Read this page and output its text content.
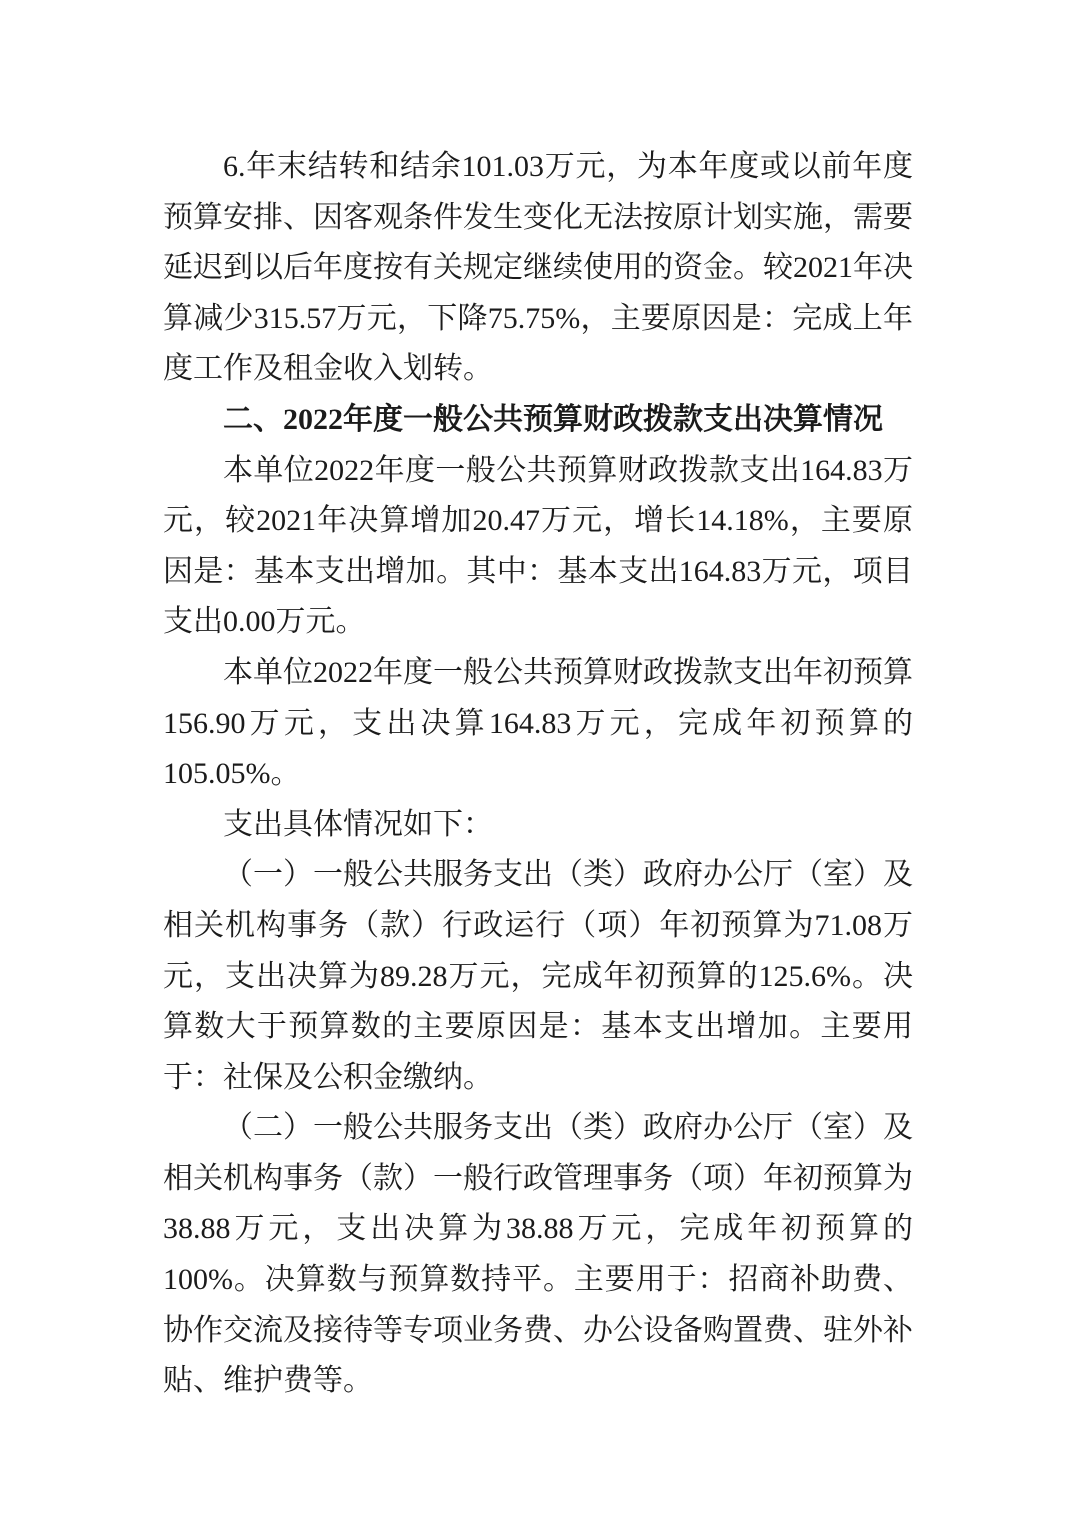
6.年末结转和结余101.03万元，为本年度或以前年度预算安排、因客观条件发生变化无法按原计划实施，需要延迟到以后年度按有关规定继续使用的资金。较2021年决算减少315.57万元，下降75.75%，主要原因是：完成上年度工作及租金收入划转。

二、2022年度一般公共预算财政拨款支出决算情况

本单位2022年度一般公共预算财政拨款支出164.83万元，较2021年决算增加20.47万元，增长14.18%，主要原因是：基本支出增加。其中：基本支出164.83万元，项目支出0.00万元。

本单位2022年度一般公共预算财政拨款支出年初预算156.90万元，支出决算164.83万元，完成年初预算的105.05%。

支出具体情况如下：

（一）一般公共服务支出（类）政府办公厅（室）及相关机构事务（款）行政运行（项）年初预算为71.08万元，支出决算为89.28万元，完成年初预算的125.6%。决算数大于预算数的主要原因是：基本支出增加。主要用于：社保及公积金缴纳。

（二）一般公共服务支出（类）政府办公厅（室）及相关机构事务（款）一般行政管理事务（项）年初预算为38.88万元，支出决算为38.88万元，完成年初预算的100%。决算数与预算数持平。主要用于：招商补助费、协作交流及接待等专项业务费、办公设备购置费、驻外补贴、维护费等。
